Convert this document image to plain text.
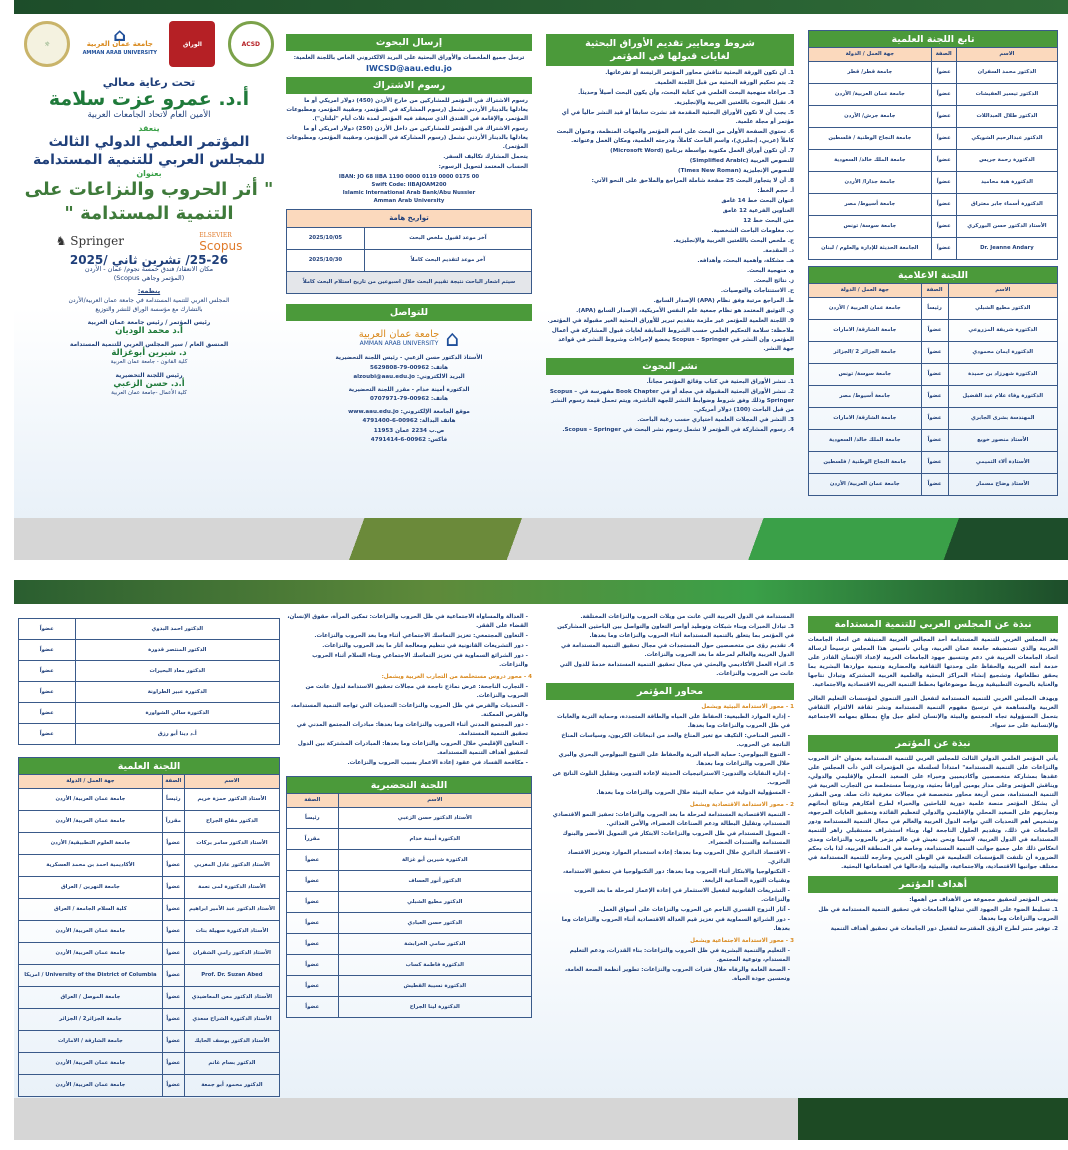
☼	⌂
جامعة عمان العربية
AMMAN ARAB UNIVERSITY
الوراق	ACSD
تحت رعاية معالي
أ.د. عمرو عزت سلامة
الأمين العام لاتحاد الجامعات العربية
ينعقد
المؤتمر العلمي الدولي الثالث
للمجلس العربي للتنمية المستدامة
بعنوان
" أثر الحروب والنزاعات على
التنمية المستدامة "
♞ Springer	ELSEVIER
Scopus
25-26/ تشرين ثاني /2025
مكان الانعقاد/ فندق خمسة نجوم/ عمان - الأردن
(المؤتمر وجاهي Scopus)
ينظمه:
المجلس العربي للتنمية المستدامة في جامعة عمان العربية/الأردن
بالتشارك مع مؤسسة الوراق للنشر والتوزيع
رئيس المؤتمر / رئيس جامعة عمان العربية
أ.د محمد الوديان
المنسق العام / سير المجلس العربي للتنمية المستدامة
د. شيرين أبوغزالة
كلية القانون - جامعة عمان العربية
رئيس اللجنة التحضيرية
أ.د. حسن الزعبي
كلية الأعمال -جامعة عمان العربية
إرسال البحوث
ترسل جميع الملخصات والأوراق البحثية على البريد الالكتروني الخاص باللجنة العلمية:
IWCSD@aau.edu.jo
رسوم الاشتراك
رسوم الاشتراك في المؤتمر للمشاركين من خارج الأردن (450) دولار امريكي أو ما يعادلها بالدينار الأردني تشمل (رسوم المشاركة في المؤتمر، وحقيبة المؤتمر، ومطبوعات المؤتمر، والإقامة في الفندق الذي سيعقد فيه المؤتمر لمدة ثلاث أيام "ليلتان").
رسوم الاشتراك في المؤتمر للمشاركين من داخل الأردن (250) دولار امريكي أو ما يعادلها بالدينار الأردني تشمل (رسوم المشاركة في المؤتمر، وحقيبة المؤتمر، ومطبوعات المؤتمر).
يتحمل المشارك تكاليف السفر.
الحساب المعتمد لتحويل الرسوم:
IBAN: JO 68 IIBA 1190 0000 0119 0000 0175 00
Swift Code: IIBAJOAM200
Islamic International Arab Bank/Abu Nussier
Amman Arab University
تواريخ هامة	
آخر موعد لقبول ملخص البحث	2025/10/05
آخر موعد لتقديم البحث كاملاً	2025/10/30
سيتم اشعار الباحث نتيجة تقييم البحث خلال اسبوعين من تاريخ استلام البحث كاملاً	
للتواصل
⌂
جامعة عمان العربية
AMMAN ARAB UNIVERSITY
الأستاذ الدكتور حسن الزعبي - رئيس اللجنة التحضيرية
هاتف: 00962-79-5629808
البريد الالكتروني: alzoubi@aau.edu.jo
الدكتورة أمينة خدام - مقرر اللجنة التحضيرية
هاتف: 00962-79-0707971
موقع الجامعة الإلكتروني: www.aau.edu.jo
هاتف البدالة: 00962-6-4791400
ص.ب 2234 عمان 11953
فاكس: 00962-6-4791414
شروط ومعايير تقديم الأوراق البحثية
لغايات قبولها في المؤتمر
1. أن تكون الورقة البحثية تناقش محاور المؤتمر الرئيسة أو تفرعاتها.
2. يتم تحكيم الورقة البحثية من قبل اللجنة العلمية.
3. مراعاة منهجية البحث العلمي في كتابة البحث، وأن يكون البحث أصيلاً وحديثاً.
4. تقبل البحوث باللغتين العربية والإنجليزية.
5. يجب أن لا تكون الأوراق البحثية المقدمة قد نشرت سابقاً أو قيد النشر حالياً في أي مؤتمر أو مجلة علمية.
6. تحتوي الصفحة الأولى من البحث على اسم المؤتمر والجهات المنظمة، وعنوان البحث كاملاً (عربي، إنجليزي)، واسم الباحث كاملاً، ودرجته العلمية، ومكان العمل وعنوانه.
7. أن تكون أوراق العمل مكتوبة بواسطة برنامج (Microsoft Word)
للنصوص العربية (Simplified Arabic)
للنصوص الإنجليزية (Times New Roman)
8. أن لا يتجاوز البحث 25 صفحة شاملة المراجع والملاحق على النحو الآتي:
أ. حجم الخط:
عنوان البحث خط 14 غامق
العناوين الفرعية 12 غامق
متن البحث خط 12
ب. معلومات الباحث الشخصية.
ج. ملخص البحث باللغتين العربية والإنجليزية.
د. المقدمة.
هـ. مشكلة، وأهمية البحث، وأهدافه.
و. منهجية البحث.
ز. نتائج البحث.
ح. الاستنتاجات والتوصيات.
ط. المراجع مرتبة وفق نظام (APA) الإصدار السابع.
ي. التوثيق المعتمد هو نظام جمعية علم النفس الأمريكية، الإصدار السابع (APA).
9. اللجنة العلمية للمؤتمر غير ملزمة بتقديم تبرير للأوراق البحثية الغير مقبولة في المؤتمر.
ملاحظة: سلامة التحكيم العلمي حسب الشروط السابقة لغايات قبول المشاركة في أعمال المؤتمر، وإن النشر في Scopus – Springer يخضع لإجراءات وشروط النشر في قواعد جهة النشر.
نشر البحوث
1. تنشر الأوراق البحثية في كتاب وقائع المؤتمر مجاناً.
2. تنشر الأوراق البحثية المقبولة في مجلة أو في Book Chapter مفهرسة في Scopus – Springer وذلك وفق شروط وضوابط النشر للجهة الناشرة، ويتم تحمل قيمة رسوم النشر من قبل الباحث (100) دولار أمريكي.
3. النشر في المجلات العلمية اختياري حسب رغبة الباحث.
4. رسوم المشاركة في المؤتمر لا تشمل رسوم نشر البحث في Scopus – Springer.
تابع اللجنة العلمية		
الاسم	الصفة	جهة العمل / الدولة
الدكتور محمد السفران	عضواً	جامعة قطر/ قطر
الدكتور تيسير العفيشات	عضواً	جامعة عمان العربية/ الأردن
الدكتور طلال العبداللات	عضواً	جامعة جرش/ الأردن
الدكتور عبدالرحيم الشويكي	عضواً	جامعة النجاح الوطنية / فلسطين
الدكتورة رحمة جريس	عضواً	جامعة الملك خالد/ السعودية
الدكتورة هبة محاميد	عضواً	جامعة جدارا/ الأردن
الدكتورة أسماء جابر معتراق	عضواً	جامعة أسيوط/ مصر
الأستاذ الدكتور حسن البوركري	عضواً	جامعة سوسة/ تونس
Dr. Jeanne Andary	عضواً	الجامعة الحديثة للإدارة والعلوم / لبنان
اللجنة الاعلامية		
الاسم	الصفة	جهة العمل / الدولة
الدكتور مطيع الشبلي	رئيساً	جامعة عمان العربية / الأردن
الدكتورة شريفة المزروعي	عضواً	جامعة الشارقة/ الامارات
الدكتورة ايمان محمودي	عضواً	جامعة الجزائر 2 /الجزائر
الدكتورة شهرزاد بن حميدة	عضواً	جامعة سوسة/ تونس
الدكتورة وفاء علام عبد الفضيل	عضواً	جامعة أسيوط/ مصر
المهندسة بشرى الجابري	عضواً	جامعة الشارقة/ الامارات
الأستاذ منصور خويع	عضواً	جامعة الملك خالد/ السعودية
الأستاذة آلاء التميمي	عضواً	جامعة النجاح الوطنية / فلسطين
الأستاذ وضاح مسمار	عضواً	جامعة عمان العربية/ الأردن
الدكتور احمد البدوي	عضواً
الدكتور المنتصر قدورة	عضواً
الدكتور معاذ البحيرات	عضواً
الدكتورة عبير الطراونة	عضواً
الدكتورة سالي الشواورة	عضواً
أ.د دينا أبو رزق	عضواً
اللجنة العلمية		
الاسم	الصفة	جهة العمل / الدولة
الأستاذ الدكتور حمزة خريم	رئيساً	جامعة عمان العربية/ الأردن
الدكتور مفلح الجراح	مقرراً	جامعة عمان العربية/ الأردن
الأستاذ الدكتور سامر بركات	عضواً	جامعة العلوم التطبيقية/ الأردن
الأستاذ الدكتور عادل المغربي	عضواً	الأكاديمية احمد بن محمد العسكرية
الأستاذ الدكتورة لمى نعمة	عضواً	جامعة النهرين / العراق
الأستاذ الدكتور عبد الأمير ابراهيم	عضواً	كلية السلام الجامعة / العراق
الأستاذ الدكتورة سهيلة بنات	عضواً	جامعة عمان العربية/ الأردن
الأستاذ الدكتور رامي الشقران	عضواً	جامعة عمان العربية/ الأردن
Prof. Dr. Suzan Abed	عضواً	University of the District of Columbia / امريكا
الأستاذ الدكتور معن المعاضيدي	عضواً	جامعة الموصل / العراق
الأستاذ الدكتورة الشراح سعدي	عضواً	جامعة الجزائر2 / الجزائر
الأستاذ الدكتور يوسف الحايك	عضواً	جامعة الشارقة / الامارات
الدكتور بسام غانم	عضواً	جامعة عمان العربية/ الأردن
الدكتور محمود أبو جمعة	عضواً	جامعة عمان العربية/ الأردن
- العدالة والمساواة الاجتماعية في ظل الحروب والنزاعات: تمكين المرأة، حقوق الإنسان، القضاء على الفقر.
- التعاون المجتمعي: تعزيز التماسك الاجتماعي أثناء وما بعد الحروب والنزاعات.
- دور التشريعات القانونية في تنظيم ومعالجة آثار ما بعد الحروب والنزاعات.
- دور الشرائع السماوية في تعزيز التماسك الاجتماعي وبناء السلام أثناء الحروب والنزاعات.
4 - محور دروس مستخلصة من التجارب العربية ويشمل:
- التجارب الناجحة: عرض نماذج ناجحة في مجالات تحقيق الاستدامة لدول عانت من الحروب والنزاعات.
- التحديات والفرص في ظل الحروب والنزاعات: التحديات التي تواجه التنمية المستدامة، والفرص الممكنة.
- دور المجتمع المدني أثناء الحروب والنزاعات وما بعدها: مبادرات المجتمع المدني في تحقيق التنمية المستدامة.
- التعاون الإقليمي خلال الحروب والنزاعات وما بعدها: المبادرات المشتركة بين الدول لتحقيق أهداف التنمية المستدامة.
- مكافحة الفساد في عقود إعادة الاعمار بسبب الحروب والنزاعات.
اللجنة التحضيرية	
الاسم	الصفة
الأستاذ الدكتور حسن الزعبي	رئيساً
الدكتورة أمينة خدام	مقرراً
الدكتورة شيرين أبو غزالة	عضواً
الدكتور أنور العساف	عضواً
الدكتور مطيع الشبلي	عضواً
الدكتور حسن العبادي	عضواً
الدكتور سامي الخرابشة	عضواً
الدكتورة فاطمة كساب	عضواً
الدكتورة نسيبة القطيش	عضواً
الدكتورة لينا الجراح	عضواً
المستدامة في الدول العربية التي عانت من ويلات الحروب والنزاعات المختلفة.
3. تبادل الخبرات وبناء شبكات وتوطيد أواصر التعاون والتواصل بين الباحثين المشاركين في المؤتمر بما يتعلق بالتنمية المستدامة أثناء الحروب والنزاعات وما بعدها.
4. تقديم رؤى من متخصصين حول المستجدات في مجال تحقيق التنمية المستدامة في الدول العربية والعالم لمرحلة ما بعد الحروب والنزاعات.
5. اثراء العمل الأكاديمي والبحثي في مجال تحقيق التنمية المستدامة خدمةً للدول التي عانت من الحروب والنزاعات.
محاور المؤتمر
1 - محور الاستدامة البيئية ويشمل
- إدارة الموارد الطبيعية: الحفاظ على المياه والطاقة المتجددة، وحماية التربة والغابات في ظل الحروب والنزاعات وما بعدها.
- التغير المناخي: التكيف مع تغير المناخ والحد من انبعاثات الكربون، وسياسات المناخ الناتجة عن الحروب.
- التنوع البيولوجي: حماية الحياة البرية والحفاظ على التنوع البيولوجي البحري والبري خلال الحروب والنزاعات وما بعدها.
- إدارة النفايات والتدوير: الاستراتيجيات الحديثة لإعادة التدوير، وتقليل التلوث الناتج عن الحروب.
- المسؤولية الدولية في حماية البيئة خلال الحروب والنزاعات وما بعدها.
2 - محور الاستدامة الاقتصادية ويشمل
- التنمية الاقتصادية المستدامة لمرحلة ما بعد الحروب والنزاعات: تحفيز النمو الاقتصادي المستدام، وتقليل البطالة ودعم الصناعات الخضراء، والأمن الغذائي.
- التمويل المستدام في ظل الحروب والنزاعات: الابتكار في التمويل الأخضر والبنوك المستدامة والسندات الخضراء.
- الاقتصاد الدائري خلال الحروب وما بعدها: إعادة استخدام الموارد وتعزيز الاقتصاد الدائري.
- التكنولوجيا والابتكار أثناء الحروب وما بعدها: دور التكنولوجيا في تحقيق الاستدامة، وتقنيات الثورة الصناعية الرابعة.
- التشريعات القانونية لتفعيل الاستثمار في إعادة الإعمار لمرحلة ما بعد الحروب والنزاعات.
- آثار النزوح القسري الناجم عن الحروب والنزاعات على أسواق العمل.
- دور الشرائع السماوية في تعزيز قيم العدالة الاقتصادية أثناء الحروب والنزاعات وما بعدها.
3 - محور الاستدامة الاجتماعية ويشمل
- التعليم والتنمية البشرية في ظل الحروب والنزاعات: بناء القدرات، ودعم التعليم المستدام، وتوعية المجتمع.
- الصحة العامة والرفاه خلال فترات الحروب والنزاعات: تطوير أنظمة الصحة العامة، وتحسين جودة الحياة.
نبذة عن المجلس العربي للتنمية المستدامة
يعد المجلس العربي للتنمية المستدامة أحد المجالس العربية المنبثقة عن اتحاد الجامعات العربية والذي تستضيفه جامعة عمان العربية، ويأتي تأسيس هذا المجلس ترسيخاً لرسالة اتحاد الجامعات العربية في دعم وتنسيق جهود الجامعات العربية لإعداد الإنسان القادر على خدمة أمته العربية والحفاظ على وحدتها الثقافية والحضارية وتنمية مواردها البشرية بما يحقق تطلعاتها، وتشجيع إنشاء المراكز البحثية والعلمية العربية المشتركة وتبادل نتاجها والعناية بالبحوث التطبيقية وربط موضوعاتها بخطط التنمية العربية الاقتصادية والاجتماعية.
ويهدف المجلس العربي للتنمية المستدامة لتفعيل الدور التنموي لمؤسسات التعليم العالي العربية والمساهمة في ترسيخ مفهوم التنمية المستدامة ونشر ثقافة الالتزام الثقافي بتحمل المسؤولية تجاه المجتمع والبيئة والإنسان لخلق جيل واعٍ بمطلع بمهامه الاجتماعية والإنسانية على حد سواء.
نبذة عن المؤتمر
يأتي المؤتمر العلمي الدولي الثالث للمجلس العربي للتنمية المستدامة بعنوان "أثر الحروب والنزاعات على التنمية المستدامة" امتداداً لسلسلة من المؤتمرات التي دأب المجلس على عقدها بمشاركة متخصصين وأكاديميين وخبراء على الصعيد المحلي والإقليمي والدولي، ويناقش المؤتمر وعلى مدار يومين أوراقاً بحثية، ودروساً مستخلصة من التجارب العربية في التنمية المستدامة، ضمن أربعة محاور متخصصة في مجالات معرفية ذات صلة. ومن المقرر أن يشكل المؤتمر منصة علمية دورية للباحثين والخبراء لطرح أفكارهم ونتائج أبحاثهم وتجاربهم على الصعيد المحلي والإقليمي والدولي لتعظيم الفائدة وتحقيق الغايات المرجوة، وتشخيص أهم التحديات التي تواجه الدول العربية والعالم في مجال التنمية المستدامة ودور الجامعات في ذلك، وتقديم الحلول الناجحة لها، وبناء استشراف مستقبلي زاهر للتنمية المستدامة في الدول العربية، لاسيما ونحن نعيش في عالم يزخر بالحروب والنزاعات ومدى انعكاس ذلك على جميع جوانب التنمية المستدامة، وخاصة في المنطقة العربية، لذا بات بحكم الضرورة أن تلتفت المؤسسات التعليمية في الوطن العربي وخارجه للتنمية المستدامة في مختلف جوانبها الاقتصادية، والاجتماعية، والبيئية وإدخالها في اهتماماتها البحثية.
أهداف المؤتمر
يسعى المؤتمر لتحقيق مجموعة من الأهداف من أهمها:
1. تسليط الضوء على الجهود التي تبذلها الجامعات في تحقيق التنمية المستدامة في ظل الحروب والنزاعات وما بعدها.
2. توفير منبر لطرح الرؤى المقترحة لتفعيل دور الجامعات في تحقيق أهداف التنمية
